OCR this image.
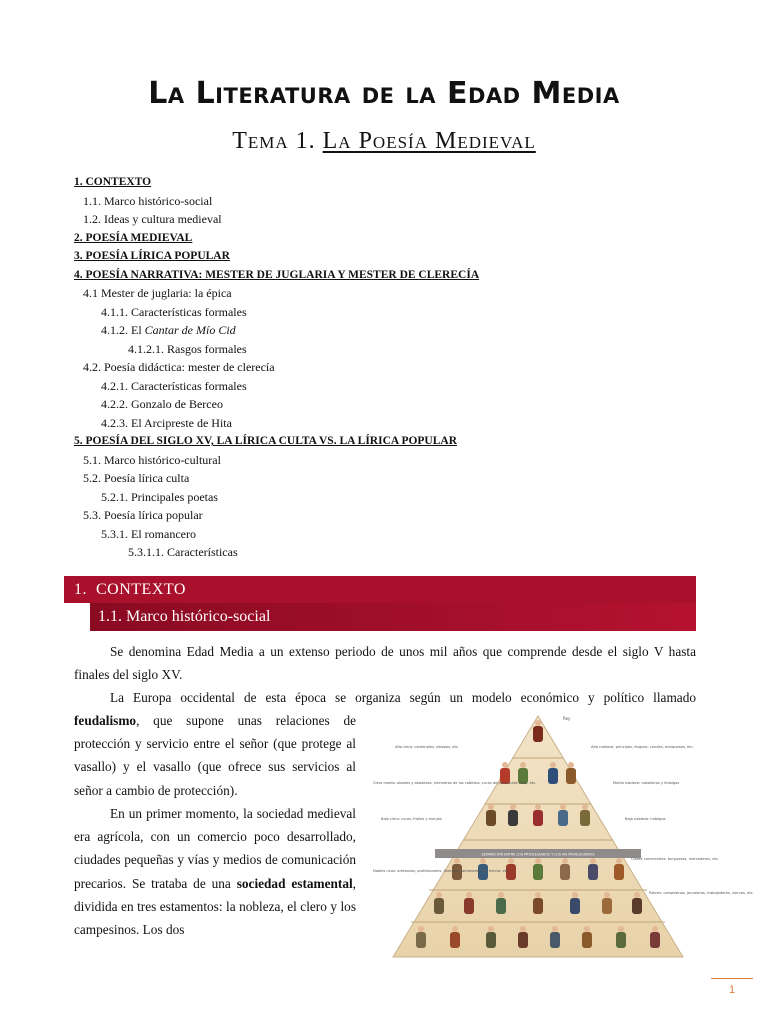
La Literatura de la Edad Media
Tema 1. La Poesía Medieval
1. CONTEXTO
1.1. Marco histórico-social
1.2. Ideas y cultura medieval
2. POESÍA MEDIEVAL
3. POESÍA LÍRICA POPULAR
4. POESÍA NARRATIVA: MESTER DE JUGLARIA Y MESTER DE CLERECÍA
4.1 Mester de juglaria: la épica
4.1.1. Características formales
4.1.2. El Cantar de Mío Cid
4.1.2.1. Rasgos formales
4.2. Poesía didáctica: mester de clerecía
4.2.1. Características formales
4.2.2. Gonzalo de Berceo
4.2.3. El Arcipreste de Hita
5. POESÍA DEL SIGLO XV, LA LÍRICA CULTA VS. LA LÍRICA POPULAR
5.1. Marco histórico-cultural
5.2. Poesía lírica culta
5.2.1. Principales poetas
5.3. Poesía lírica popular
5.3.1. El romancero
5.3.1.1. Características
1. CONTEXTO
1.1. Marco histórico-social
Se denomina Edad Media a un extenso periodo de unos mil años que comprende desde el siglo V hasta finales del siglo XV.
La Europa occidental de esta época se organiza según un modelo económico y político llamado
feudalismo, que supone unas relaciones de protección y servicio entre el señor (que protege al vasallo) y el vasallo (que ofrece sus servicios al señor a cambio de protección).
En un primer momento, la sociedad medieval era agrícola, con un comercio poco desarrollado, ciudades pequeñas y vías y medios de comunicación precarios. Se trataba de una sociedad estamental, dividida en tres estamentos: la nobleza, el clero y los campesinos. Los dos
SEPARACIÓN ENTRE LOS PRIVILEGIADOS Y LOS NO PRIVILEGIADOS
Rey
Alto clero: cardenales, obispos, etc.
Clero medio: abades y abadesas, miembros de los cabildos, curas de parroquias ricas, etc.
Bajo clero: curas, frailes y monjas
Nobles ricos: artesanos, profesionales, liberales, labradores con tierras, etc.
Alta nobleza: príncipes, duques, condes, marqueses, etc.
Media nobleza: caballeros y hidalgos
Baja nobleza: hidalgos
Clases comerciales: burgueses, mercaderes, etc.
Pobres: campesinos, jornaleros, trabajadores, siervos, etc.
1
